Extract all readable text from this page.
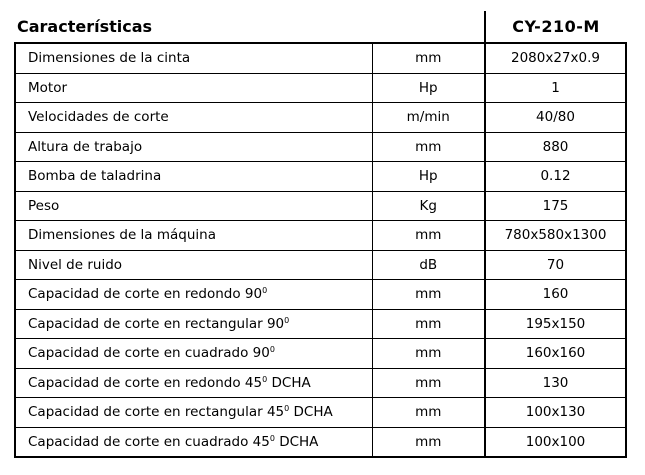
Características		CY-210-M
Dimensiones de la cinta	mm	2080x27x0.9
Motor	Hp	1
Velocidades de corte	m/min	40/80
Altura de trabajo	mm	880
Bomba de taladrina	Hp	0.12
Peso	Kg	175
Dimensiones de la máquina	mm	780x580x1300
Nivel de ruido	dB	70
Capacidad de corte en redondo $90^0$	mm	160
Capacidad de corte en rectangular $90^0$	mm	195x150
Capacidad de corte en cuadrado $90^0$	mm	160x160
Capacidad de corte en redondo $45^0$ DCHA	mm	130
Capacidad de corte en rectangular $45^0$ DCHA	mm	100x130
Capacidad de corte en cuadrado $45^0$ DCHA	mm	100x100
